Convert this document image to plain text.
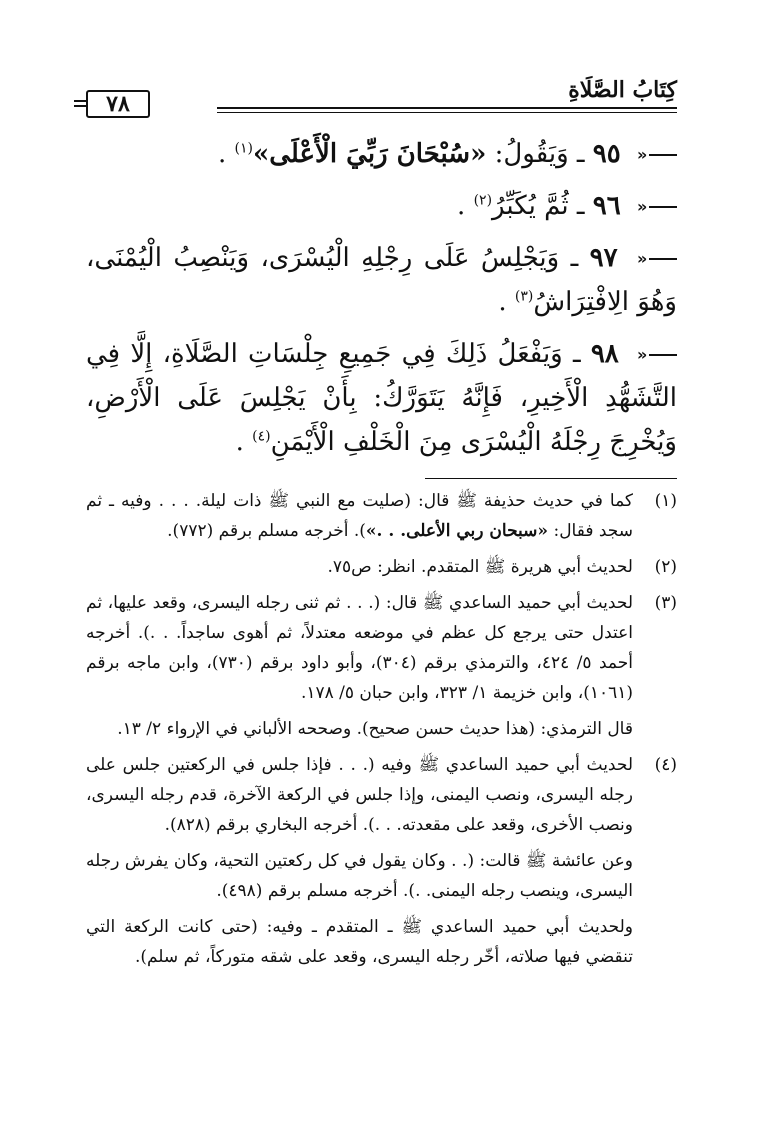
كِتَابُ الصَّلَاةِ
٧٨

«
٩٥ ـ وَيَقُولُ: «سُبْحَانَ رَبِّيَ الْأَعْلَى»$^{(١)}$ .

«
٩٦ ـ ثُمَّ يُكَبِّرُ$^{(٢)}$ .

«
٩٧ ـ وَيَجْلِسُ عَلَى رِجْلِهِ الْيُسْرَى، وَيَنْصِبُ الْيُمْنَى، وَهُوَ الِافْتِرَاشُ$^{(٣)}$ .

«
٩٨ ـ وَيَفْعَلُ ذَلِكَ فِي جَمِيعِ جِلْسَاتِ الصَّلَاةِ، إِلَّا فِي التَّشَهُّدِ الْأَخِيرِ، فَإِنَّهُ يَتَوَرَّكُ: بِأَنْ يَجْلِسَ عَلَى الْأَرْضِ، وَيُخْرِجَ رِجْلَهُ الْيُسْرَى مِنَ الْخَلْفِ الْأَيْمَنِ$^{(٤)}$ .

(١)

كما في حديث حذيفة ﷺ قال: (صليت مع النبي ﷺ ذات ليلة. . . . وفيه ـ ثم سجد فقال: «سبحان ربي الأعلى. . .»). أخرجه مسلم برقم (٧٧٢).

(٢)

لحديث أبي هريرة ﷺ المتقدم. انظر: ص٧٥.

(٣)

لحديث أبي حميد الساعدي ﷺ قال: (. . . ثم ثنى رجله اليسرى، وقعد عليها، ثم اعتدل حتى يرجع كل عظم في موضعه معتدلاً، ثم أهوى ساجداً. . .). أخرجه أحمد ٥/ ٤٢٤، والترمذي برقم (٣٠٤)، وأبو داود برقم (٧٣٠)، وابن ماجه برقم (١٠٦١)، وابن خزيمة ١/ ٣٢٣، وابن حبان ٥/ ١٧٨.

قال الترمذي: (هذا حديث حسن صحيح). وصححه الألباني في الإرواء ٢/ ١٣.

(٤)

لحديث أبي حميد الساعدي ﷺ وفيه (. . . فإذا جلس في الركعتين جلس على رجله اليسرى، ونصب اليمنى، وإذا جلس في الركعة الآخرة، قدم رجله اليسرى، ونصب الأخرى، وقعد على مقعدته. . .). أخرجه البخاري برقم (٨٢٨).

وعن عائشة ﷺ قالت: (. . وكان يقول في كل ركعتين التحية، وكان يفرش رجله اليسرى، وينصب رجله اليمنى. .). أخرجه مسلم برقم (٤٩٨).

ولحديث أبي حميد الساعدي ﷺ ـ المتقدم ـ وفيه: (حتى كانت الركعة التي تنقضي فيها صلاته، أخّر رجله اليسرى، وقعد على شقه متوركاً، ثم سلم).
